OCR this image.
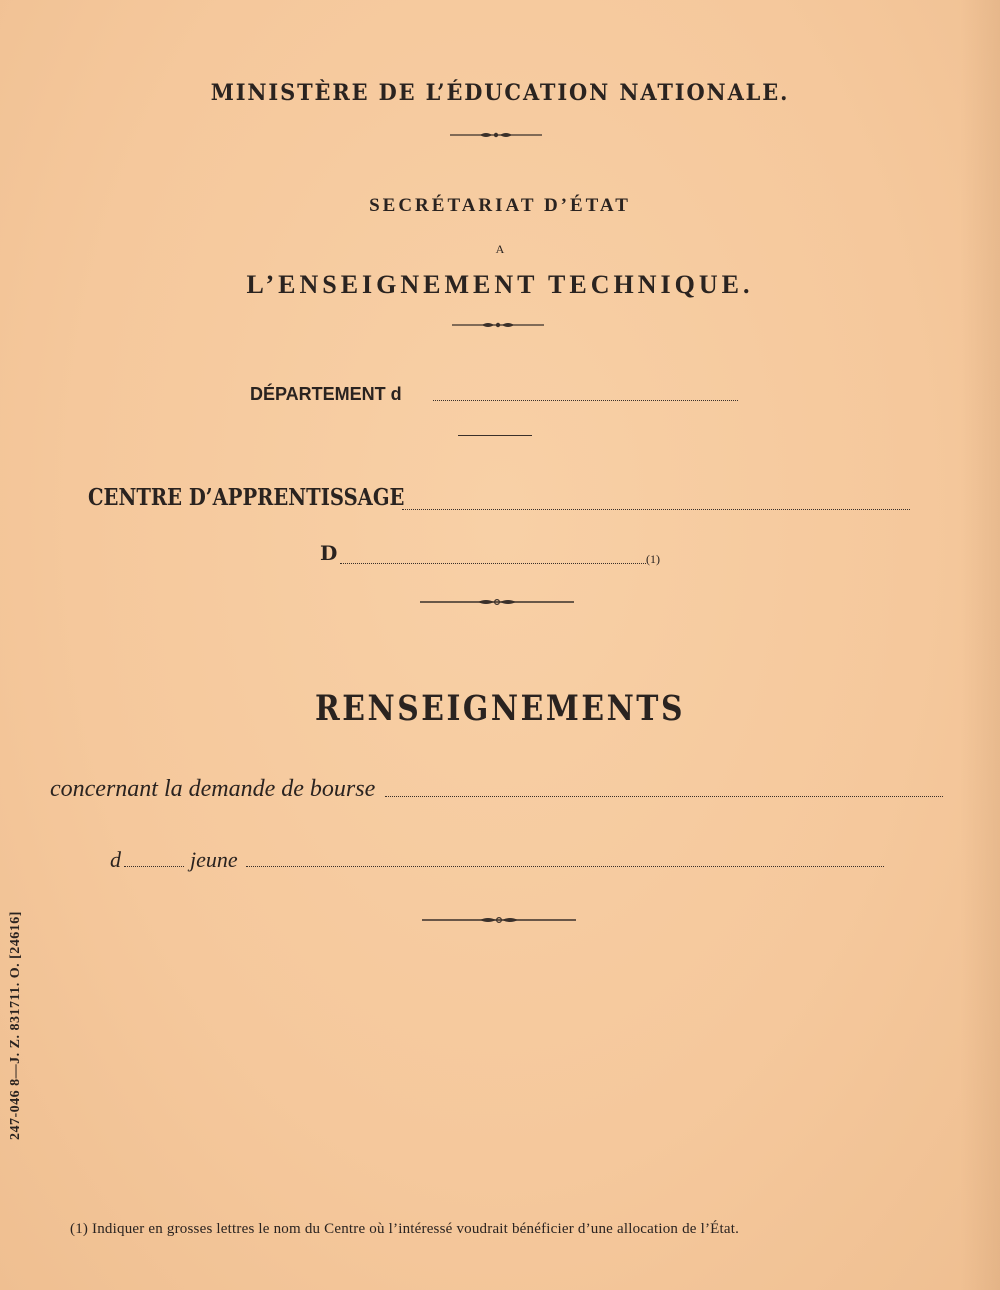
MINISTÈRE DE L’ÉDUCATION NATIONALE.
SECRÉTARIAT D’ÉTAT
A
L’ENSEIGNEMENT TECHNIQUE.
DÉPARTEMENT d
CENTRE D’APPRENTISSAGE
D	(1)
RENSEIGNEMENTS
concernant la demande de bourse
d	jeune
247-046 8—J. Z. 831711. O. [24616]
(1) Indiquer en grosses lettres le nom du Centre où l’intéressé voudrait bénéficier d’une allocation de l’État.
